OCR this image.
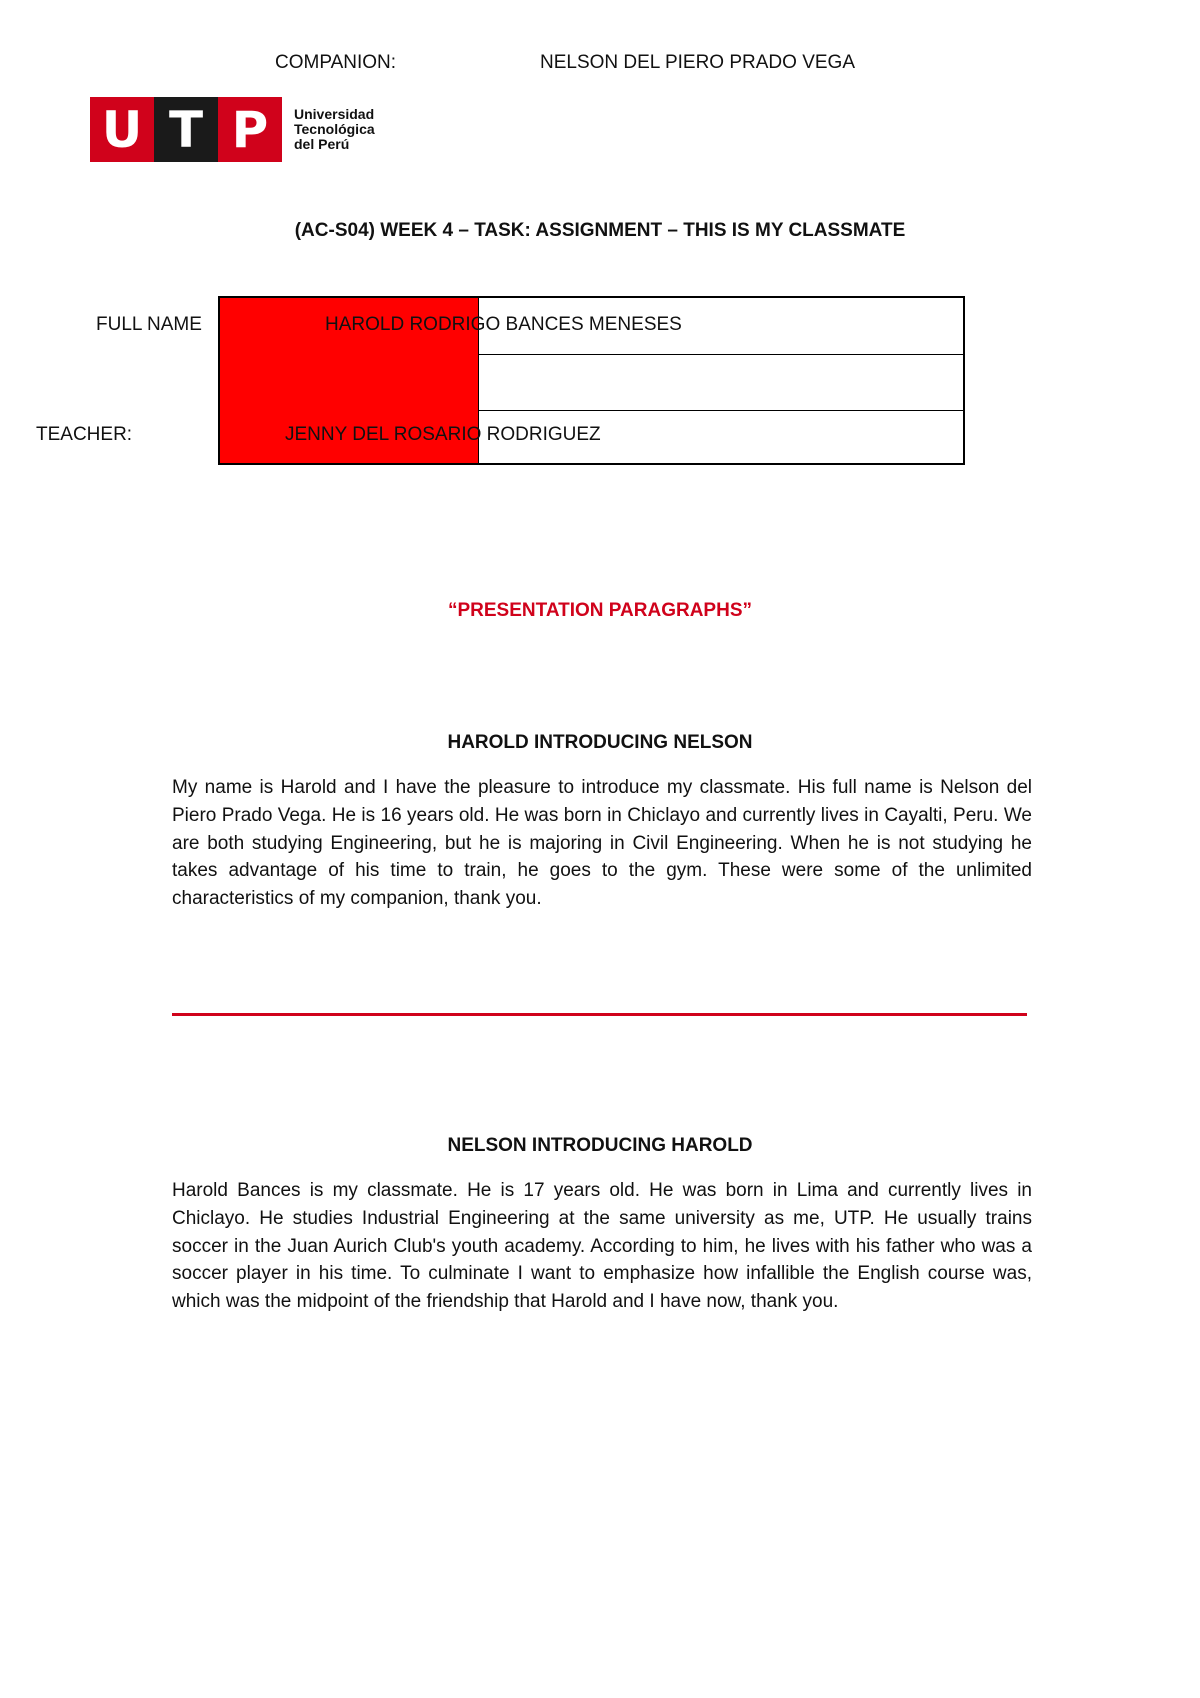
COMPANION:	NELSON DEL PIERO PRADO VEGA
U T P	Universidad
Tecnológica
del Perú
(AC-S04) WEEK 4 – TASK: ASSIGNMENT – THIS IS MY CLASSMATE
FULL NAME	HAROLD RODRIGO BANCES MENESES
TEACHER:	JENNY DEL ROSARIO RODRIGUEZ
“PRESENTATION PARAGRAPHS”
HAROLD INTRODUCING NELSON
My name is Harold and I have the pleasure to introduce my classmate. His full name is Nelson del Piero Prado Vega. He is 16 years old. He was born in Chiclayo and currently lives in Cayalti, Peru. We are both studying Engineering, but he is majoring in Civil Engineering. When he is not studying he takes advantage of his time to train, he goes to the gym. These were some of the unlimited characteristics of my companion, thank you.
NELSON INTRODUCING HAROLD
Harold Bances is my classmate. He is 17 years old. He was born in Lima and currently lives in Chiclayo. He studies Industrial Engineering at the same university as me, UTP. He usually trains soccer in the Juan Aurich Club's youth academy. According to him, he lives with his father who was a soccer player in his time. To culminate I want to emphasize how infallible the English course was, which was the midpoint of the friendship that Harold and I have now, thank you.
